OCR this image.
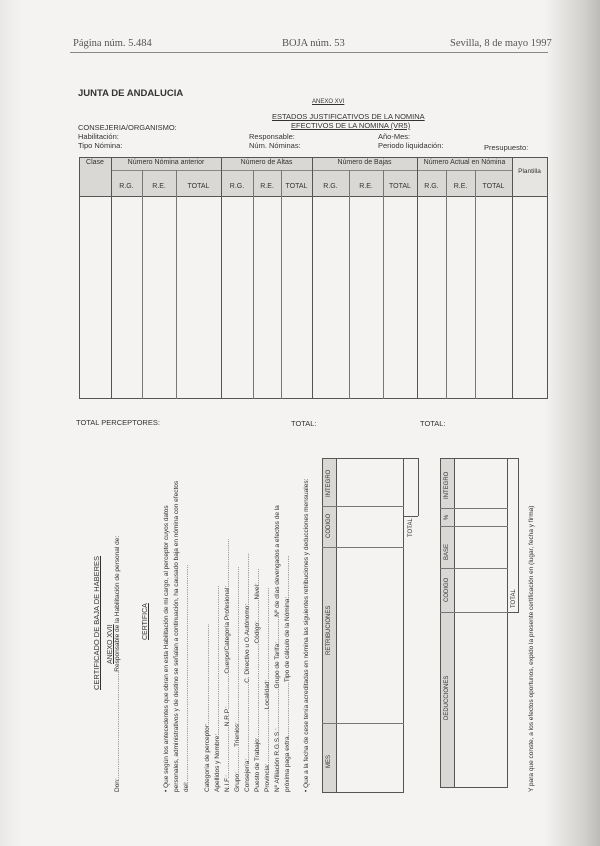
Página núm. 5.484	BOJA núm. 53	Sevilla, 8 de mayo 1997
JUNTA DE ANDALUCIA
ANEXO XVI
ESTADOS JUSTIFICATIVOS DE LA NOMINA
EFECTIVOS DE LA NOMINA (VR5)
CONSEJERIA/ORGANISMO:
Habilitación:
Tipo Nómina:
Responsable:
Núm. Nóminas:
Año-Mes:
Periodo liquidación:	Presupuesto:
Clase	Número Nómina anterior	Número de Altas	Número de Bajas	Número Actual en Nómina
Plantilla
R.G.	R.E.	TOTAL	R.G.	R.E.	TOTAL	R.G.	R.E.	TOTAL	R.G.	R.E.	TOTAL
TOTAL PERCEPTORES:	TOTAL:	TOTAL:
ANEXO XVII
CERTIFICADO DE BAJA DE HABERES Don:...........................................................Responsable de la Habilitación de personal de:	CERTIFICA • Que según los antecedentes que obran en esta Habilitación de mi cargo, al perceptor cuyos datos personales, administrativos y de destino se señalan a continuación, ha causado baja en nómina con efectos del:........................................................................................................................ Categoría de perceptor:....................................................... Apellidos y Nombre:.................................................................................. N.I.F.:...........................N.R.P.:..................Cuerpo/Categoría Profesional:.......................... Grupo:..............Trienios:...................................................................................... Consejería:..........................................C. Directivo u O.Autónomo:............................ Puesto de Trabajo:....................................................Código:............Nivel:........ Provincia:..............................Localidad:................................................... Nº Afiliación R.G.S.S.:......................Grupo de Tarifa:..............Nº de días devengados a efectos de la próxima paga extra..............................Tipo de cálculo de la Nómina:....................... • Que a la fecha de cese tenía acreditadas en nómina las siguientes retribuciones y deducciones mensuales:	MES
RETRIBUCIONES
CODIGO
INTEGRO
TOTAL
DEDUCCIONES
CODIGO
BASE
%
INTEGRO
TOTAL Y para que conste, a los efectos oportunos, expido la presente certificación en (lugar, fecha y firma)
